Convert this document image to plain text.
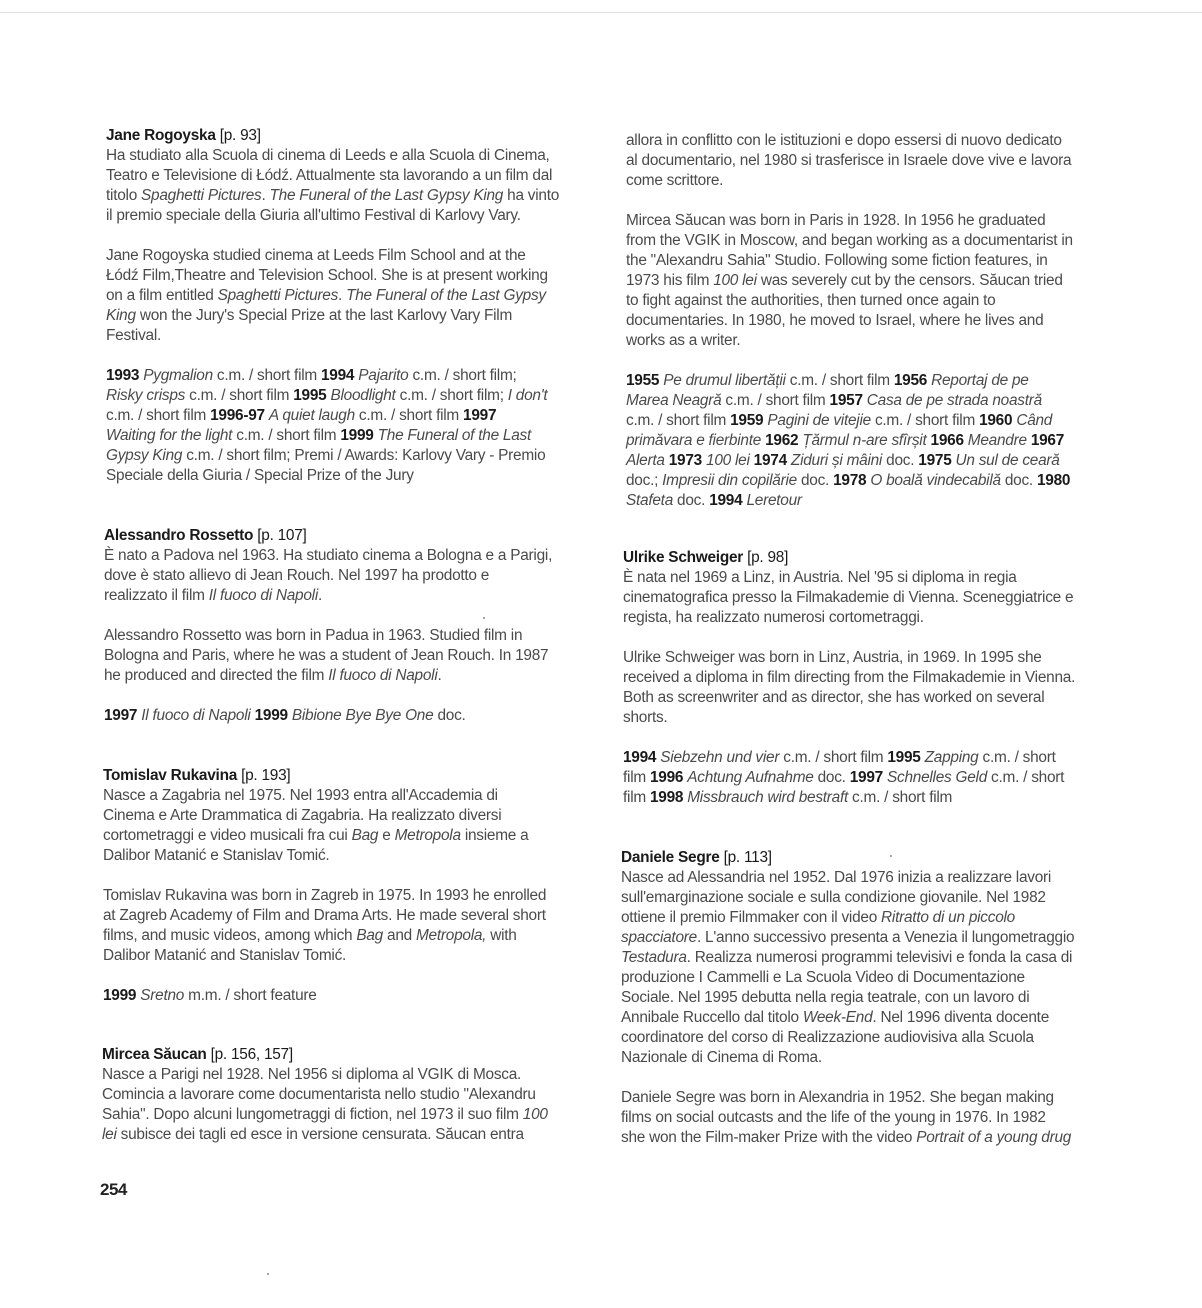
Jane Rogoyska [p. 93]

Ha studiato alla Scuola di cinema di Leeds e alla Scuola di Cinema,
Teatro e Televisione di Łódź. Attualmente sta lavorando a un film dal
titolo Spaghetti Pictures. The Funeral of the Last Gypsy King ha vinto
il premio speciale della Giuria all'ultimo Festival di Karlovy Vary.

Jane Rogoyska studied cinema at Leeds Film School and at the
Łódź Film,Theatre and Television School. She is at present working
on a film entitled Spaghetti Pictures. The Funeral of the Last Gypsy
King won the Jury's Special Prize at the last Karlovy Vary Film
Festival.

1993 Pygmalion c.m. / short film 1994 Pajarito c.m. / short film;
Risky crisps c.m. / short film 1995 Bloodlight c.m. / short film; I don't
c.m. / short film 1996-97 A quiet laugh c.m. / short film 1997
Waiting for the light c.m. / short film 1999 The Funeral of the Last
Gypsy King c.m. / short film; Premi / Awards: Karlovy Vary - Premio
Speciale della Giuria / Special Prize of the Jury

Alessandro Rossetto [p. 107]

È nato a Padova nel 1963. Ha studiato cinema a Bologna e a Parigi,
dove è stato allievo di Jean Rouch. Nel 1997 ha prodotto e
realizzato il film Il fuoco di Napoli.

Alessandro Rossetto was born in Padua in 1963. Studied film in
Bologna and Paris, where he was a student of Jean Rouch. In 1987
he produced and directed the film Il fuoco di Napoli.

1997 Il fuoco di Napoli 1999 Bibione Bye Bye One doc.

Tomislav Rukavina [p. 193]

Nasce a Zagabria nel 1975. Nel 1993 entra all'Accademia di
Cinema e Arte Drammatica di Zagabria. Ha realizzato diversi
cortometraggi e video musicali fra cui Bag e Metropola insieme a
Dalibor Matanić e Stanislav Tomić.

Tomislav Rukavina was born in Zagreb in 1975. In 1993 he enrolled
at Zagreb Academy of Film and Drama Arts. He made several short
films, and music videos, among which Bag and Metropola, with
Dalibor Matanić and Stanislav Tomić.

1999 Sretno m.m. / short feature

Mircea Săucan [p. 156, 157]

Nasce a Parigi nel 1928. Nel 1956 si diploma al VGIK di Mosca.
Comincia a lavorare come documentarista nello studio "Alexandru
Sahia". Dopo alcuni lungometraggi di fiction, nel 1973 il suo film 100
lei subisce dei tagli ed esce in versione censurata. Săucan entra

allora in conflitto con le istituzioni e dopo essersi di nuovo dedicato
al documentario, nel 1980 si trasferisce in Israele dove vive e lavora
come scrittore.

Mircea Săucan was born in Paris in 1928. In 1956 he graduated
from the VGIK in Moscow, and began working as a documentarist in
the "Alexandru Sahia" Studio. Following some fiction features, in
1973 his film 100 lei was severely cut by the censors. Săucan tried
to fight against the authorities, then turned once again to
documentaries. In 1980, he moved to Israel, where he lives and
works as a writer.

1955 Pe drumul libertății c.m. / short film 1956 Reportaj de pe
Marea Neagră c.m. / short film 1957 Casa de pe strada noastră
c.m. / short film 1959 Pagini de vitejie c.m. / short film 1960 Când
primăvara e fierbinte 1962 Țărmul n-are sfîrșit 1966 Meandre 1967
Alerta 1973 100 lei 1974 Ziduri și mâini doc. 1975 Un sul de ceară
doc.; Impresii din copilărie doc. 1978 O boală vindecabilă doc. 1980
Stafeta doc. 1994 Leretour

Ulrike Schweiger [p. 98]

È nata nel 1969 a Linz, in Austria. Nel '95 si diploma in regia
cinematografica presso la Filmakademie di Vienna. Sceneggiatrice e
regista, ha realizzato numerosi cortometraggi.

Ulrike Schweiger was born in Linz, Austria, in 1969. In 1995 she
received a diploma in film directing from the Filmakademie in Vienna.
Both as screenwriter and as director, she has worked on several
shorts.

1994 Siebzehn und vier c.m. / short film 1995 Zapping c.m. / short
film 1996 Achtung Aufnahme doc. 1997 Schnelles Geld c.m. / short
film 1998 Missbrauch wird bestraft c.m. / short film

Daniele Segre [p. 113]

Nasce ad Alessandria nel 1952. Dal 1976 inizia a realizzare lavori
sull'emarginazione sociale e sulla condizione giovanile. Nel 1982
ottiene il premio Filmmaker con il video Ritratto di un piccolo
spacciatore. L'anno successivo presenta a Venezia il lungometraggio
Testadura. Realizza numerosi programmi televisivi e fonda la casa di
produzione I Cammelli e La Scuola Video di Documentazione
Sociale. Nel 1995 debutta nella regia teatrale, con un lavoro di
Annibale Ruccello dal titolo Week-End. Nel 1996 diventa docente
coordinatore del corso di Realizzazione audiovisiva alla Scuola
Nazionale di Cinema di Roma.

Daniele Segre was born in Alexandria in 1952. She began making
films on social outcasts and the life of the young in 1976. In 1982
she won the Film-maker Prize with the video Portrait of a young drug

254
